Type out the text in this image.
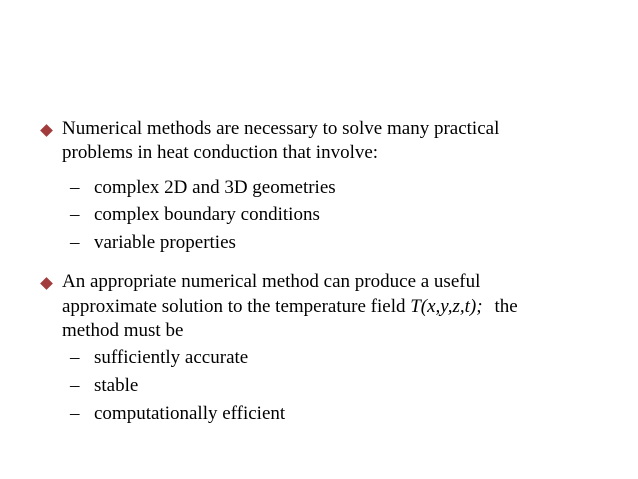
Numerical methods are necessary to solve many practical
problems in heat conduction that involve:
– complex 2D and 3D geometries
– complex boundary conditions
– variable properties
An appropriate numerical method can produce a useful
approximate solution to the temperature field T(x,y,z,t); the
method must be
– sufficiently accurate
– stable
– computationally efficient
